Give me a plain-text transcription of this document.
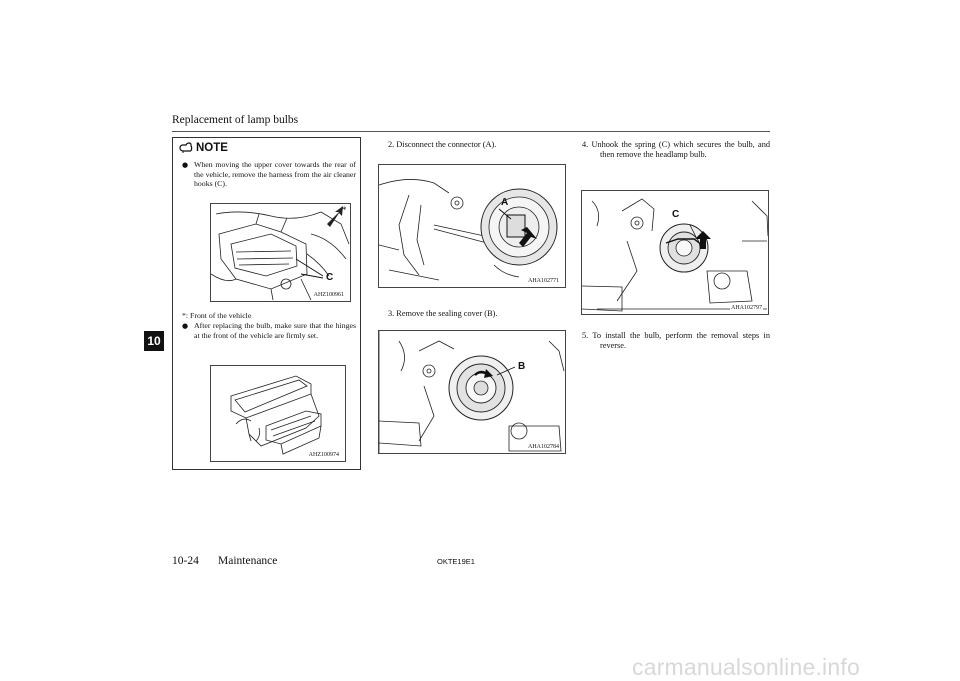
Replacement of lamp bulbs
10
NOTE
● When moving the upper cover towards the rear of the vehicle, remove the harness from the air cleaner hooks (C).
C
*
AHZ100961
*: Front of the vehicle
● After replacing the bulb, make sure that the hinges at the front of the vehicle are firmly set.
AHZ100974
2. Disconnect the connector (A).
A
AHA102771
3. Remove the sealing cover (B).
B
AHA102784
4. Unhook the spring (C) which secures the bulb, and then remove the headlamp bulb.
C
AHA102797
5. To install the bulb, perform the removal steps in reverse.
10-24 Maintenance	OKTE19E1
carmanualsonline.info
